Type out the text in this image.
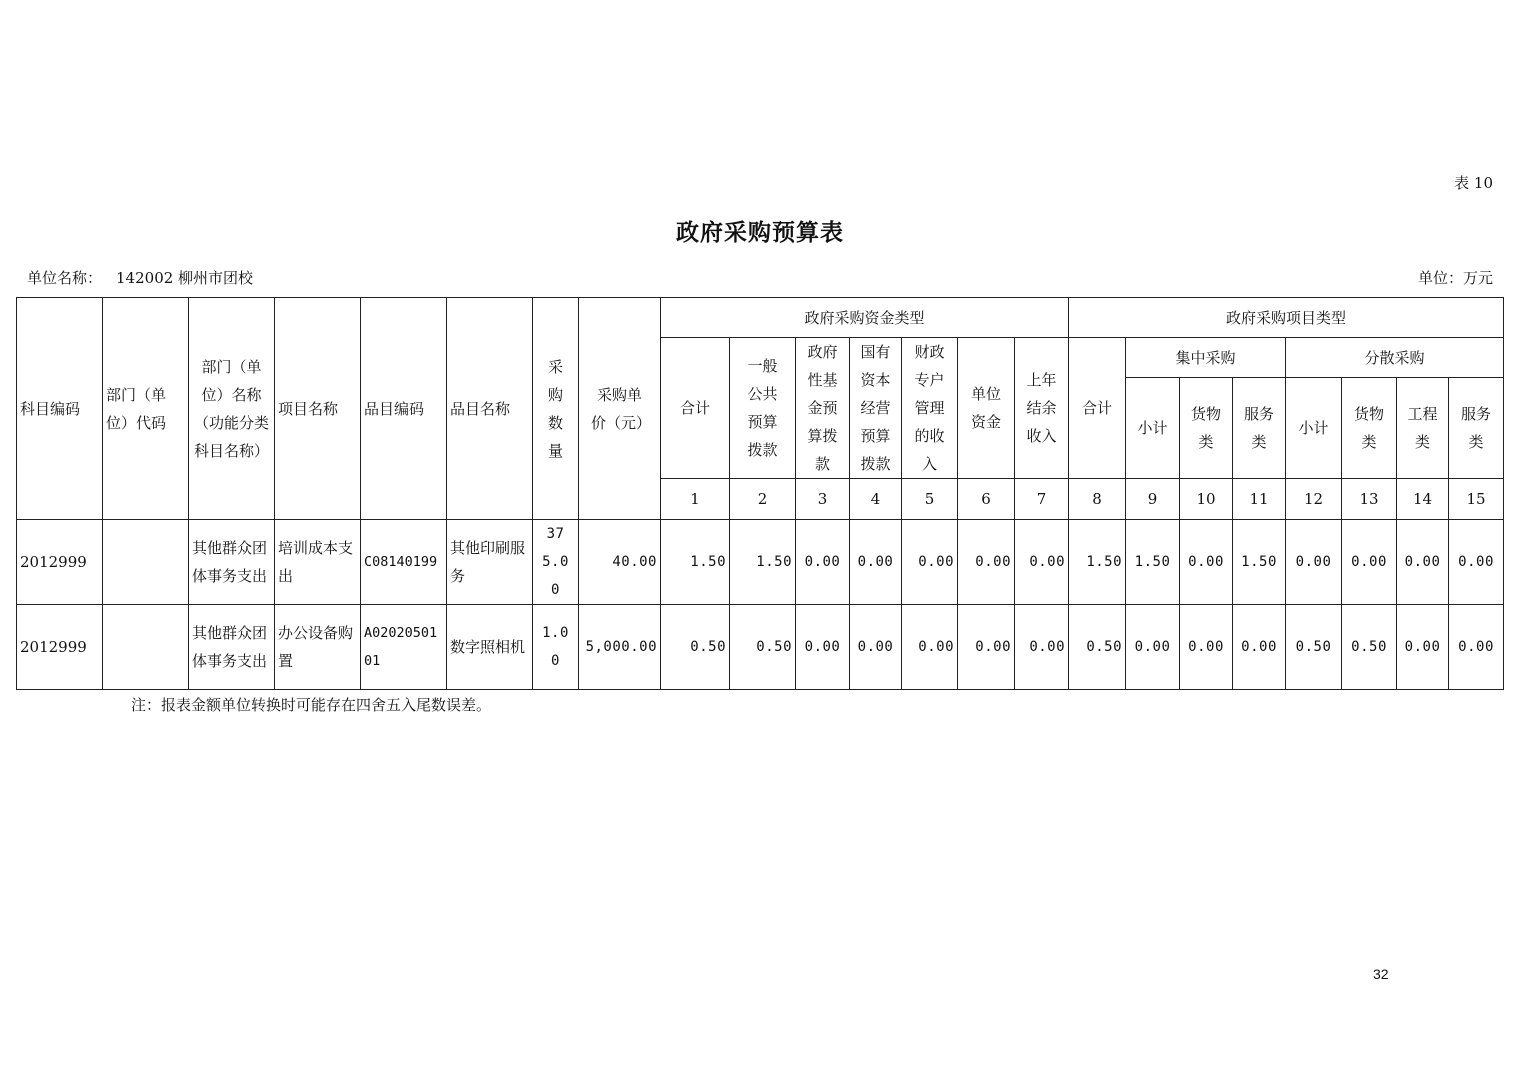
表 10
政府采购预算表
单位名称： 142002 柳州市团校	单位：万元
科目编码	部门（单位）代码	部门（单位）名称（功能分类科目名称）	项目名称	品目编码	品目名称	采购数量	采购单价（元）	政府采购资金类型							政府采购项目类型							
								合计	一般公共预算拨款	政府性基金预算拨款	国有资本经营预算拨款	财政专户管理的收入	单位资金	上年结余收入	合计	集中采购			分散采购			
																小计	货物类	服务类	小计	货物类	工程类	服务类
								1	2	3	4	5	6	7	8	9	10	11	12	13	14	15
2012999		其他群众团体事务支出	培训成本支出	C08140199	其他印刷服务	375.00	40.00	1.50	1.50	0.00	0.00	0.00	0.00	0.00	1.50	1.50	0.00	1.50	0.00	0.00	0.00	0.00
2012999		其他群众团体事务支出	办公设备购置	A02020501 01	数字照相机	1.00	5,000.00	0.50	0.50	0.00	0.00	0.00	0.00	0.00	0.50	0.00	0.00	0.00	0.50	0.50	0.00	0.00
注：报表金额单位转换时可能存在四舍五入尾数误差。
32
